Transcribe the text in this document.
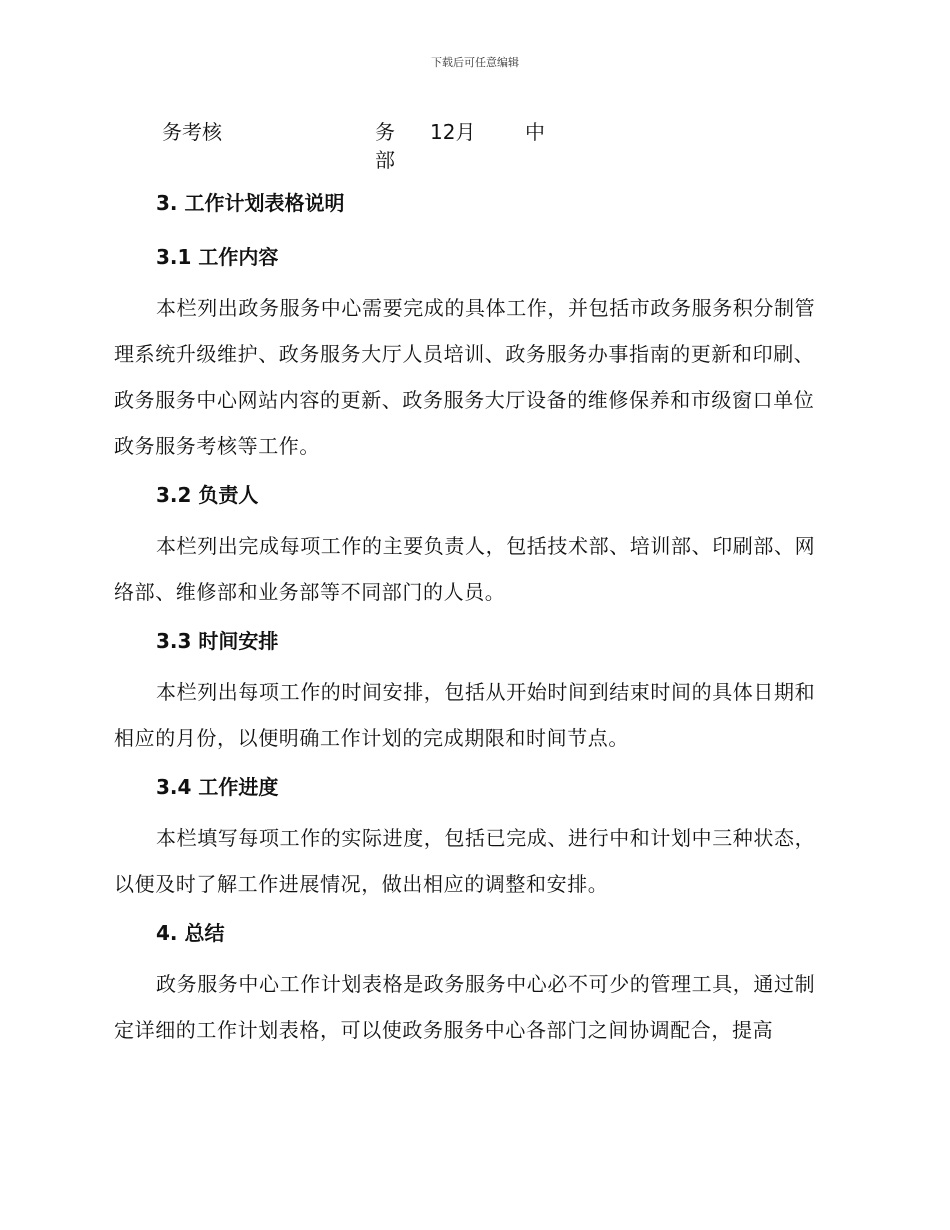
下载后可任意编辑
务考核	务部
12月 中
3. 工作计划表格说明
3.1 工作内容

本栏列出政务服务中心需要完成的具体工作，并包括市政务服务积分制管理系统升级维护、政务服务大厅人员培训、政务服务办事指南的更新和印刷、政务服务中心网站内容的更新、政务服务大厅设备的维修保养和市级窗口单位政务服务考核等工作。

3.2 负责人

本栏列出完成每项工作的主要负责人，包括技术部、培训部、印刷部、网络部、维修部和业务部等不同部门的人员。

3.3 时间安排

本栏列出每项工作的时间安排，包括从开始时间到结束时间的具体日期和相应的月份，以便明确工作计划的完成期限和时间节点。

3.4 工作进度

本栏填写每项工作的实际进度，包括已完成、进行中和计划中三种状态，以便及时了解工作进展情况，做出相应的调整和安排。

4. 总结

政务服务中心工作计划表格是政务服务中心必不可少的管理工具，通过制定详细的工作计划表格，可以使政务服务中心各部门之间协调配合，提高
